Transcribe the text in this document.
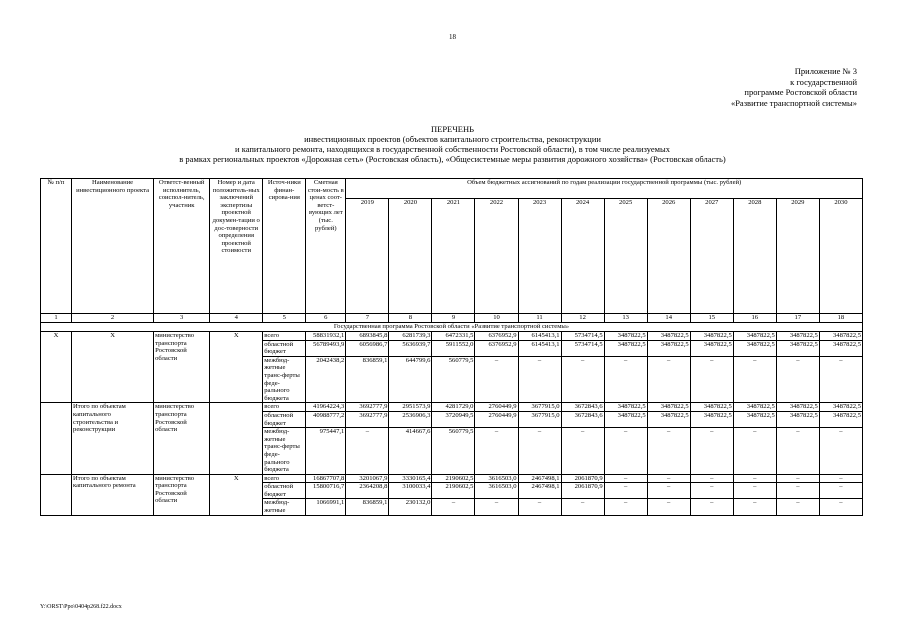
18
Приложение № 3
к государственной
программе Ростовской области
«Развитие транспортной системы»
ПЕРЕЧЕНЬ
инвестиционных проектов (объектов капитального строительства, реконструкции
и капитального ремонта, находящихся в государственной собственности Ростовской области), в том числе реализуемых
в рамках региональных проектов «Дорожная сеть» (Ростовская область), «Общесистемные меры развития дорожного хозяйства» (Ростовская область)
№ п/п	Наименование инвестиционного проекта	Ответст-венный исполнитель, соиспол-нитель, участник	Номер и дата положитель-ных заключений экспертизы проектной докумен-тации о дос-товерности определения проектной стоимости	Источ-ники финан-сирова-ния	Сметная стои-мость в ценах соот-ветст-вующих лет (тыс. рублей)	Объем бюджетных ассигнований по годам реализации государственной программы (тыс. рублей)											
						2019	2020	2021	2022	2023	2024	2025	2026	2027	2028	2029	2030
1	2	3	4	5	6	7	8	9	10	11	12	13	14	15	16	17	18
Государственная программа Ростовской области «Развитие транспортной системы»																	
Х	Х	министерство транспорта Ростовской области	Х	всего	58831932,1	6893845,8	6281739,3	6472331,5	6376952,9	6145413,1	5734714,5	3487822,5	3487822,5	3487822,5	3487822,5	3487822,5	3487822,5
				областной бюджет	56789493,9	6056986,7	5636939,7	5911552,0	6376952,9	6145413,1	5734714,5	3487822,5	3487822,5	3487822,5	3487822,5	3487822,5	3487822,5
				межбюд-жетные транс-ферты феде-рального бюджета	2042438,2	836859,1	644799,6	560779,5	–	–	–	–	–	–	–	–	–
	Итого по объектам капитального строительства и реконструкции	министерство транспорта Ростовской области		всего	41964224,3	3692777,9	2951573,9	4281729,0	2760449,9	3677915,0	3672843,6	3487822,5	3487822,5	3487822,5	3487822,5	3487822,5	3487822,5
				областной бюджет	40988777,2	3692777,9	2536906,3	3720949,5	2760449,9	3677915,0	3672843,6	3487822,5	3487822,5	3487822,5	3487822,5	3487822,5	3487822,5
				межбюд-жетные транс-ферты феде-рального бюджета	975447,1	–	414667,6	560779,5	–	–	–	–	–	–	–	–	–
	Итого по объектам капитального ремонта	министерство транспорта Ростовской области	Х	всего	16867707,8	3201067,9	3330165,4	2190602,5	3616503,0	2467498,1	2061870,9	–	–	–	–	–	–
				областной бюджет	15800716,7	2364208,8	3100033,4	2190602,5	3616503,0	2467498,1	2061870,9	–	–	–	–	–	–
				межбюд-жетные	1066991,1	836859,1	230132,0	–	–	–	–	–	–	–	–	–	–
Y:\ORST\Ppo\0404p268.f22.docx
